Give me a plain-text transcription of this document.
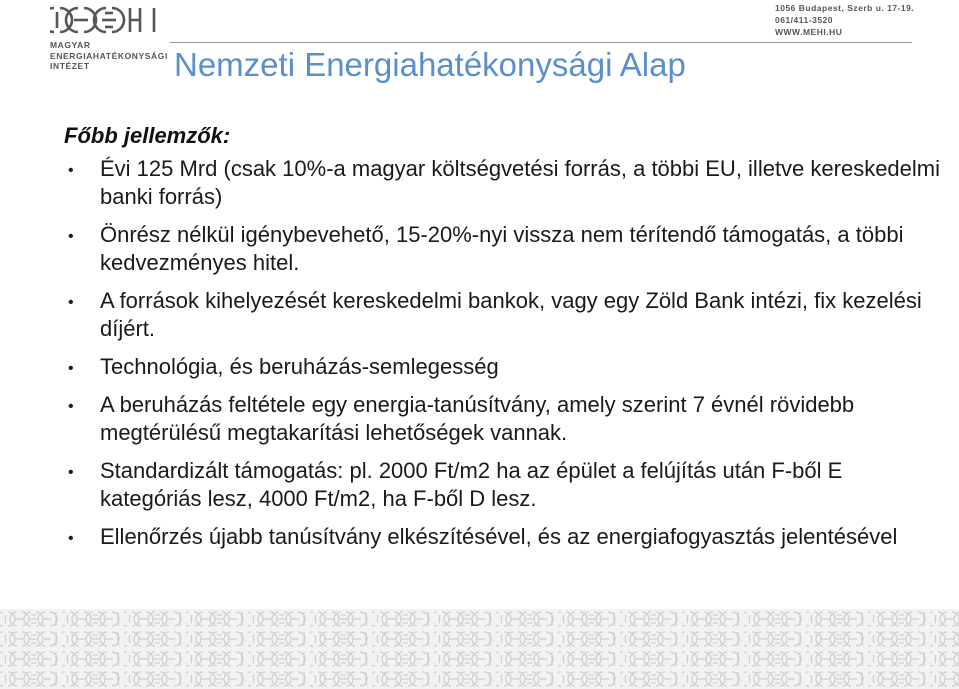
MAGYAR
ENERGIAHATÉKONYSÁGI
INTÉZET
1056 Budapest, Szerb u. 17-19.
061/411-3520
WWW.MEHI.HU
Nemzeti Energiahatékonysági Alap
Főbb jellemzők:
• Évi 125 Mrd (csak 10%-a magyar költségvetési forrás, a többi EU, illetve kereskedelmi banki forrás)
• Önrész nélkül igénybevehető, 15-20%-nyi vissza nem térítendő támogatás, a többi kedvezményes hitel.
• A források kihelyezését kereskedelmi bankok, vagy egy Zöld Bank intézi, fix kezelési díjért.
• Technológia, és beruházás-semlegesség
• A beruházás feltétele egy energia-tanúsítvány, amely szerint 7 évnél rövidebb megtérülésű megtakarítási lehetőségek vannak.
• Standardizált támogatás: pl. 2000 Ft/m2 ha az épület a felújítás után F-ből E kategóriás lesz, 4000 Ft/m2, ha F-ből D lesz.
• Ellenőrzés újabb tanúsítvány elkészítésével, és az energiafogyasztás jelentésével
